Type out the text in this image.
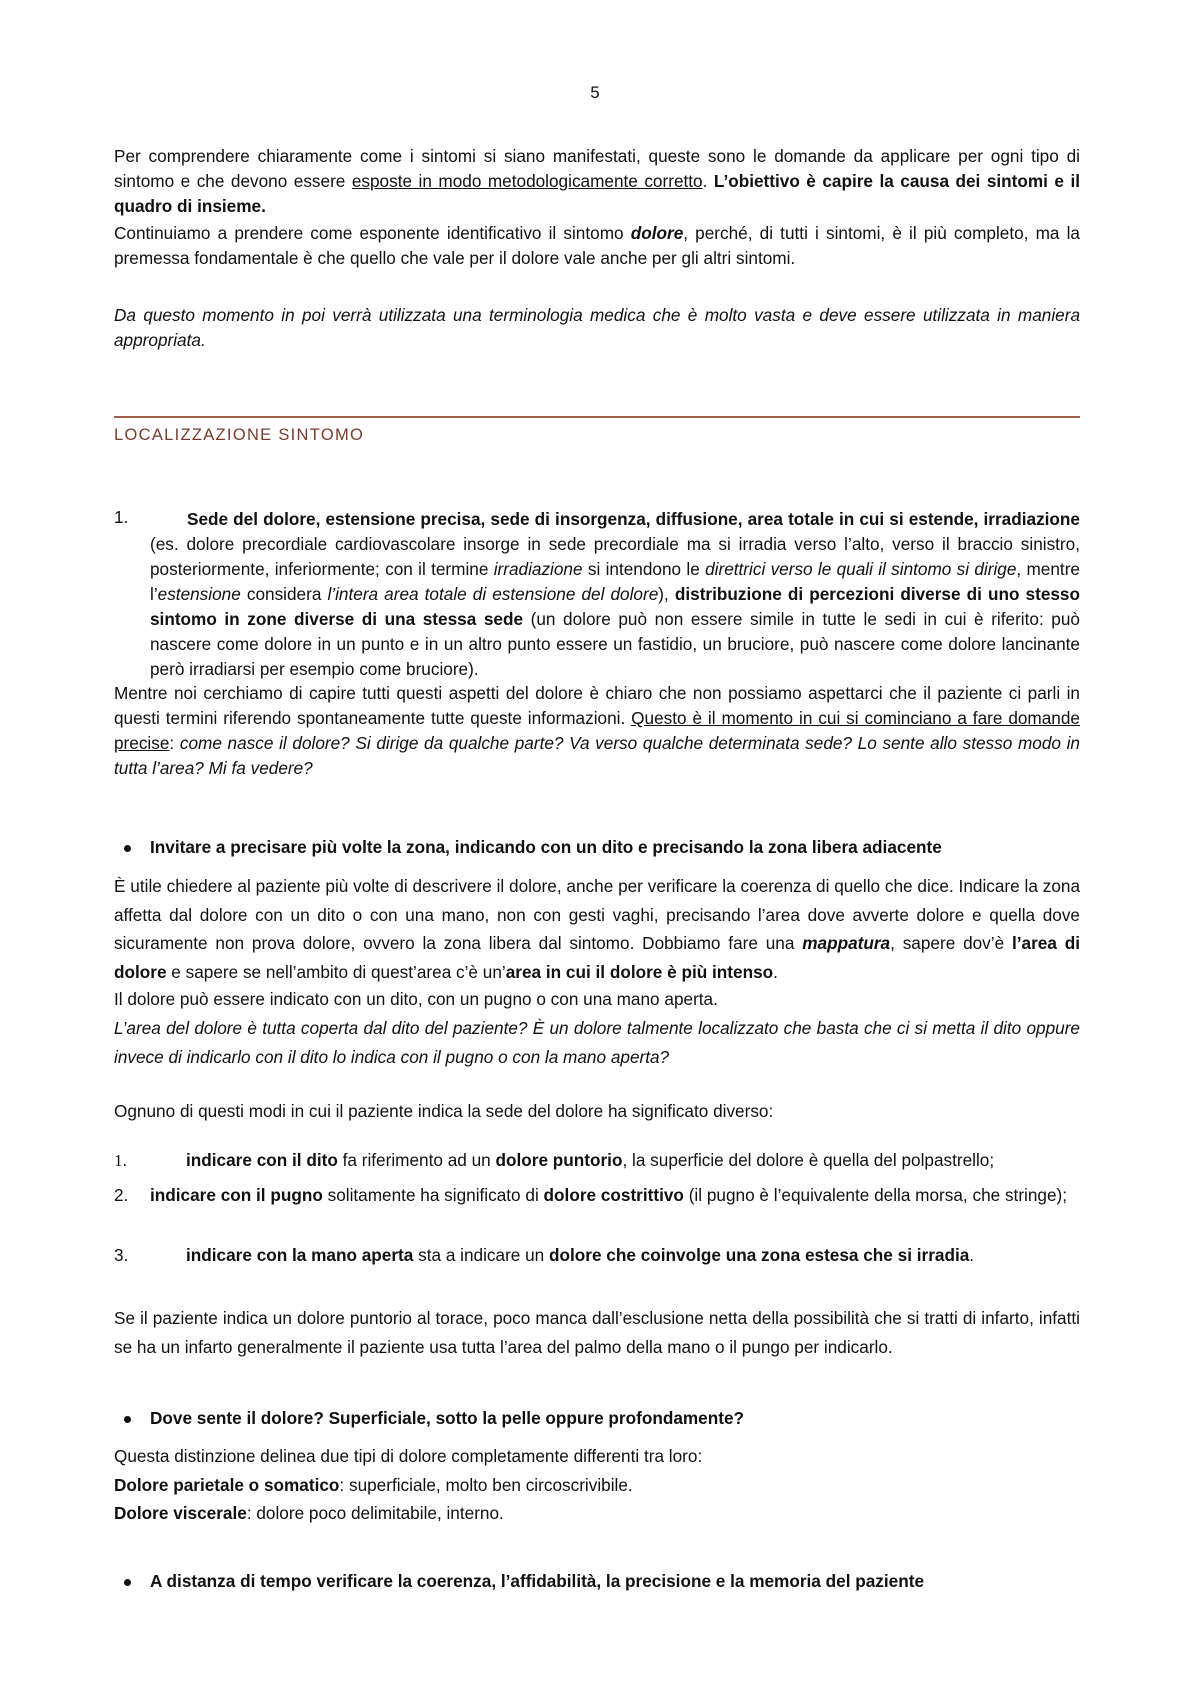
5
Per comprendere chiaramente come i sintomi si siano manifestati, queste sono le domande da applicare per ogni tipo di sintomo e che devono essere esposte in modo metodologicamente corretto. L’obiettivo è capire la causa dei sintomi e il quadro di insieme.
Continuiamo a prendere come esponente identificativo il sintomo dolore, perché, di tutti i sintomi, è il più completo, ma la premessa fondamentale è che quello che vale per il dolore vale anche per gli altri sintomi.
Da questo momento in poi verrà utilizzata una terminologia medica che è molto vasta e deve essere utilizzata in maniera appropriata.
LOCALIZZAZIONE SINTOMO
1.	Sede del dolore, estensione precisa, sede di insorgenza, diffusione, area totale in cui si estende, irradiazione (es. dolore precordiale cardiovascolare insorge in sede precordiale ma si irradia verso l’alto, verso il braccio sinistro, posteriormente, inferiormente; con il termine irradiazione si intendono le direttrici verso le quali il sintomo si dirige, mentre l’estensione considera l’intera area totale di estensione del dolore), distribuzione di percezioni diverse di uno stesso sintomo in zone diverse di una stessa sede (un dolore può non essere simile in tutte le sedi in cui è riferito: può nascere come dolore in un punto e in un altro punto essere un fastidio, un bruciore, può nascere come dolore lancinante però irradiarsi per esempio come bruciore).
Mentre noi cerchiamo di capire tutti questi aspetti del dolore è chiaro che non possiamo aspettarci che il paziente ci parli in questi termini riferendo spontaneamente tutte queste informazioni. Questo è il momento in cui si cominciano a fare domande precise: come nasce il dolore? Si dirige da qualche parte? Va verso qualche determinata sede? Lo sente allo stesso modo in tutta l’area? Mi fa vedere?
Invitare a precisare più volte la zona, indicando con un dito e precisando la zona libera adiacente
È utile chiedere al paziente più volte di descrivere il dolore, anche per verificare la coerenza di quello che dice. Indicare la zona affetta dal dolore con un dito o con una mano, non con gesti vaghi, precisando l’area dove avverte dolore e quella dove sicuramente non prova dolore, ovvero la zona libera dal sintomo. Dobbiamo fare una mappatura, sapere dov’è l’area di dolore e sapere se nell’ambito di quest’area c’è un’area in cui il dolore è più intenso.
Il dolore può essere indicato con un dito, con un pugno o con una mano aperta.
L’area del dolore è tutta coperta dal dito del paziente? È un dolore talmente localizzato che basta che ci si metta il dito oppure invece di indicarlo con il dito lo indica con il pugno o con la mano aperta?
Ognuno di questi modi in cui il paziente indica la sede del dolore ha significato diverso:
1.	indicare con il dito fa riferimento ad un dolore puntorio, la superficie del dolore è quella del polpastrello;
2. indicare con il pugno solitamente ha significato di dolore costrittivo (il pugno è l’equivalente della morsa, che stringe);
3.	indicare con la mano aperta sta a indicare un dolore che coinvolge una zona estesa che si irradia.
Se il paziente indica un dolore puntorio al torace, poco manca dall’esclusione netta della possibilità che si tratti di infarto, infatti se ha un infarto generalmente il paziente usa tutta l’area del palmo della mano o il pungo per indicarlo.
Dove sente il dolore? Superficiale, sotto la pelle oppure profondamente?
Questa distinzione delinea due tipi di dolore completamente differenti tra loro:
Dolore parietale o somatico: superficiale, molto ben circoscrivibile.
Dolore viscerale: dolore poco delimitabile, interno.
A distanza di tempo verificare la coerenza, l’affidabilità, la precisione e la memoria del paziente
